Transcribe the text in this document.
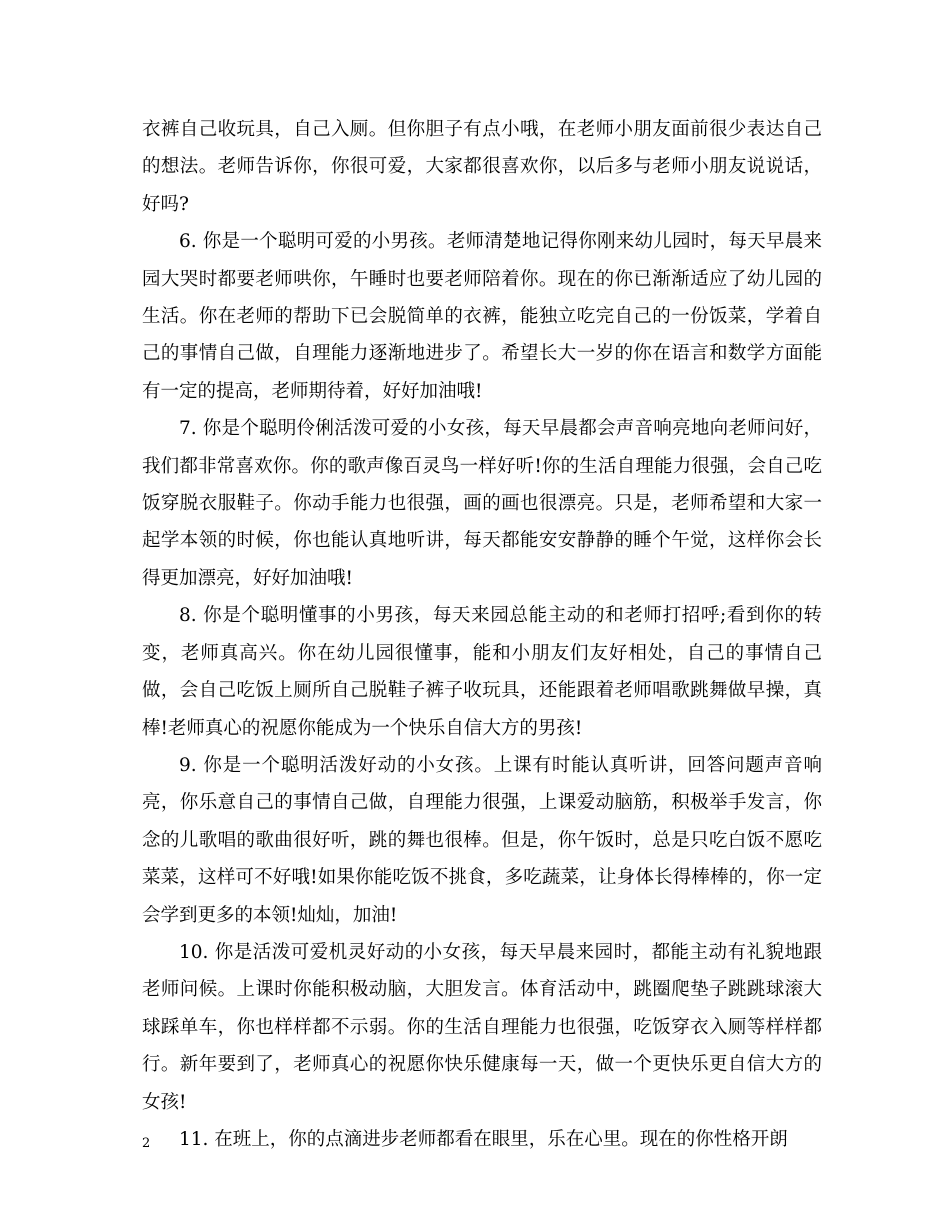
衣裤自己收玩具，自己入厕。但你胆子有点小哦，在老师小朋友面前很少表达自己的想法。老师告诉你，你很可爱，大家都很喜欢你，以后多与老师小朋友说说话，好吗?

6. 你是一个聪明可爱的小男孩。老师清楚地记得你刚来幼儿园时，每天早晨来园大哭时都要老师哄你，午睡时也要老师陪着你。现在的你已渐渐适应了幼儿园的生活。你在老师的帮助下已会脱简单的衣裤，能独立吃完自己的一份饭菜，学着自己的事情自己做，自理能力逐渐地进步了。希望长大一岁的你在语言和数学方面能有一定的提高，老师期待着，好好加油哦!

7. 你是个聪明伶俐活泼可爱的小女孩，每天早晨都会声音响亮地向老师问好，我们都非常喜欢你。你的歌声像百灵鸟一样好听!你的生活自理能力很强，会自己吃饭穿脱衣服鞋子。你动手能力也很强，画的画也很漂亮。只是，老师希望和大家一起学本领的时候，你也能认真地听讲，每天都能安安静静的睡个午觉，这样你会长得更加漂亮，好好加油哦!

8. 你是个聪明懂事的小男孩，每天来园总能主动的和老师打招呼;看到你的转变，老师真高兴。你在幼儿园很懂事，能和小朋友们友好相处，自己的事情自己做，会自己吃饭上厕所自己脱鞋子裤子收玩具，还能跟着老师唱歌跳舞做早操，真棒!老师真心的祝愿你能成为一个快乐自信大方的男孩!

9. 你是一个聪明活泼好动的小女孩。上课有时能认真听讲，回答问题声音响亮，你乐意自己的事情自己做，自理能力很强，上课爱动脑筋，积极举手发言，你念的儿歌唱的歌曲很好听，跳的舞也很棒。但是，你午饭时，总是只吃白饭不愿吃菜菜，这样可不好哦!如果你能吃饭不挑食，多吃蔬菜，让身体长得棒棒的，你一定会学到更多的本领!灿灿，加油!

10. 你是活泼可爱机灵好动的小女孩，每天早晨来园时，都能主动有礼貌地跟老师问候。上课时你能积极动脑，大胆发言。体育活动中，跳圈爬垫子跳跳球滚大球踩单车，你也样样都不示弱。你的生活自理能力也很强，吃饭穿衣入厕等样样都行。新年要到了，老师真心的祝愿你快乐健康每一天，做一个更快乐更自信大方的女孩!

11. 在班上，你的点滴进步老师都看在眼里，乐在心里。现在的你性格开朗

2
